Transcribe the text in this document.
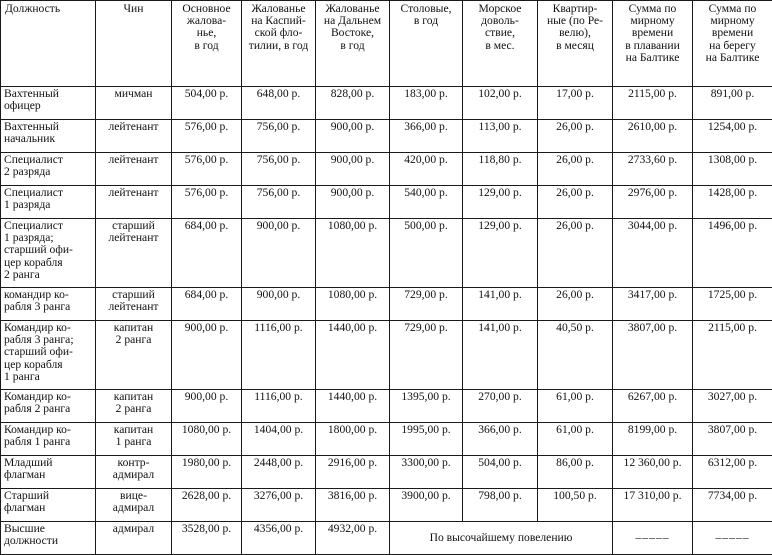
Должность	Чин	Основное
жалова-
нье,
в год	Жалованье
на Каспий-
ской фло-
тилии, в год	Жалованье
на Дальнем
Востоке,
в год	Столовые,
в год	Морское
доволь-
ствие,
в мес.	Квартир-
ные (по Ре-
велю),
в месяц	Сумма по
мирному
времени
в плавании
на Балтике	Сумма по
мирному
времени
на берегу
на Балтике
Вахтенный
офицер	мичман	504,00 р.	648,00 р.	828,00 р.	183,00 р.	102,00 р.	17,00 р.	2115,00 р.	891,00 р.
Вахтенный
начальник	лейтенант	576,00 р.	756,00 р.	900,00 р.	366,00 р.	113,00 р.	26,00 р.	2610,00 р.	1254,00 р.
Специалист
2 разряда	лейтенант	576,00 р.	756,00 р.	900,00 р.	420,00 р.	118,80 р.	26,00 р.	2733,60 р.	1308,00 р.
Специалист
1 разряда	лейтенант	576,00 р.	756,00 р.	900,00 р.	540,00 р.	129,00 р.	26,00 р.	2976,00 р.	1428,00 р.
Специалист
1 разряда;
старший офи-
цер корабля
2 ранга	старший
лейтенант	684,00 р.	900,00 р.	1080,00 р.	500,00 р.	129,00 р.	26,00 р.	3044,00 р.	1496,00 р.
командир ко-
рабля 3 ранга	старший
лейтенант	684,00 р.	900,00 р.	1080,00 р.	729,00 р.	141,00 р.	26,00 р.	3417,00 р.	1725,00 р.
Командир ко-
рабля 3 ранга;
старший офи-
цер корабля
1 ранга	капитан
2 ранга	900,00 р.	1116,00 р.	1440,00 р.	729,00 р.	141,00 р.	40,50 р.	3807,00 р.	2115,00 р.
Командир ко-
рабля 2 ранга	капитан
2 ранга	900,00 р.	1116,00 р.	1440,00 р.	1395,00 р.	270,00 р.	61,00 р.	6267,00 р.	3027,00 р.
Командир ко-
рабля 1 ранга	капитан
1 ранга	1080,00 р.	1404,00 р.	1800,00 р.	1995,00 р.	366,00 р.	61,00 р.	8199,00 р.	3807,00 р.
Младший
флагман	контр-
адмирал	1980,00 р.	2448,00 р.	2916,00 р.	3300,00 р.	504,00 р.	86,00 р.	12 360,00 р.	6312,00 р.
Старший
флагман	вице-
адмирал	2628,00 р.	3276,00 р.	3816,00 р.	3900,00 р.	798,00 р.	100,50 р.	17 310,00 р.	7734,00 р.
Высшие
должности	адмирал	3528,00 р.	4356,00 р.	4932,00 р.	По высочайшему повелению			–––––	–––––
